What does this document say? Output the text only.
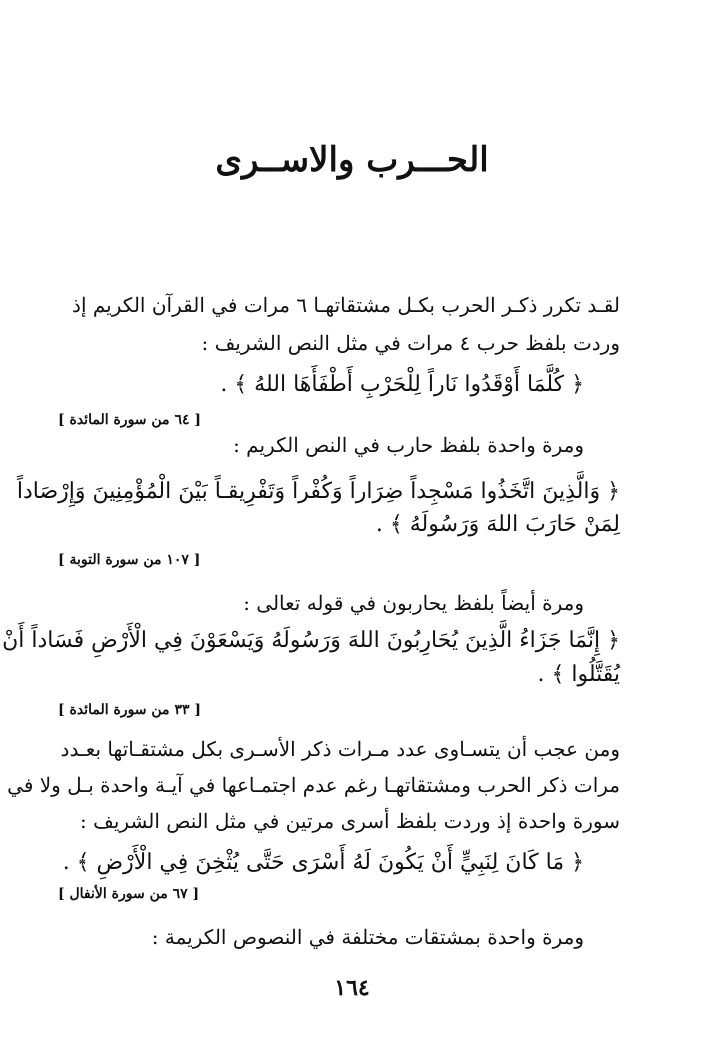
الحـــرب والاســرى
لقـد تكرر ذكـر الحرب بكـل مشتقاتهـا ٦ مرات في القرآن الكريم إذ
وردت بلفظ حرب ٤ مرات في مثل النص الشريف :
﴿ كُلَّمَا أَوْقَدُوا نَاراً لِلْحَرْبِ أَطْفَأَهَا اللهُ ﴾ .
[ ٦٤ من سورة المائدة ]
ومرة واحدة بلفظ حارب في النص الكريم :
﴿ وَالَّذِينَ اتَّخَذُوا مَسْجِداً ضِرَاراً وَكُفْراً وَتَفْرِيقـاً بَيْنَ الْمُؤْمِنِينَ وَإِرْصَاداً
لِمَنْ حَارَبَ اللهَ وَرَسُولَهُ ﴾ .
[ ١٠٧ من سورة التوبة ]
ومرة أيضاً بلفظ يحاربون في قوله تعالى :
﴿ إِنَّمَا جَزَاءُ الَّذِينَ يُحَارِبُونَ اللهَ وَرَسُولَهُ وَيَسْعَوْنَ فِي الْأَرْضِ فَسَاداً أَنْ
يُقَتَّلُوا ﴾ .
[ ٣٣ من سورة المائدة ]
ومن عجب أن يتسـاوى عدد مـرات ذكر الأسـرى بكل مشتقـاتها بعـدد
مرات ذكر الحرب ومشتقاتهـا رغم عدم اجتمـاعها في آيـة واحدة بـل ولا في
سورة واحدة إذ وردت بلفظ أسرى مرتين في مثل النص الشريف :
﴿ مَا كَانَ لِنَبِيٍّ أَنْ يَكُونَ لَهُ أَسْرَى حَتَّى يُثْخِنَ فِي الْأَرْضِ ﴾ .
[ ٦٧ من سورة الأنفال ]
ومرة واحدة بمشتقات مختلفة في النصوص الكريمة :
١٦٤
